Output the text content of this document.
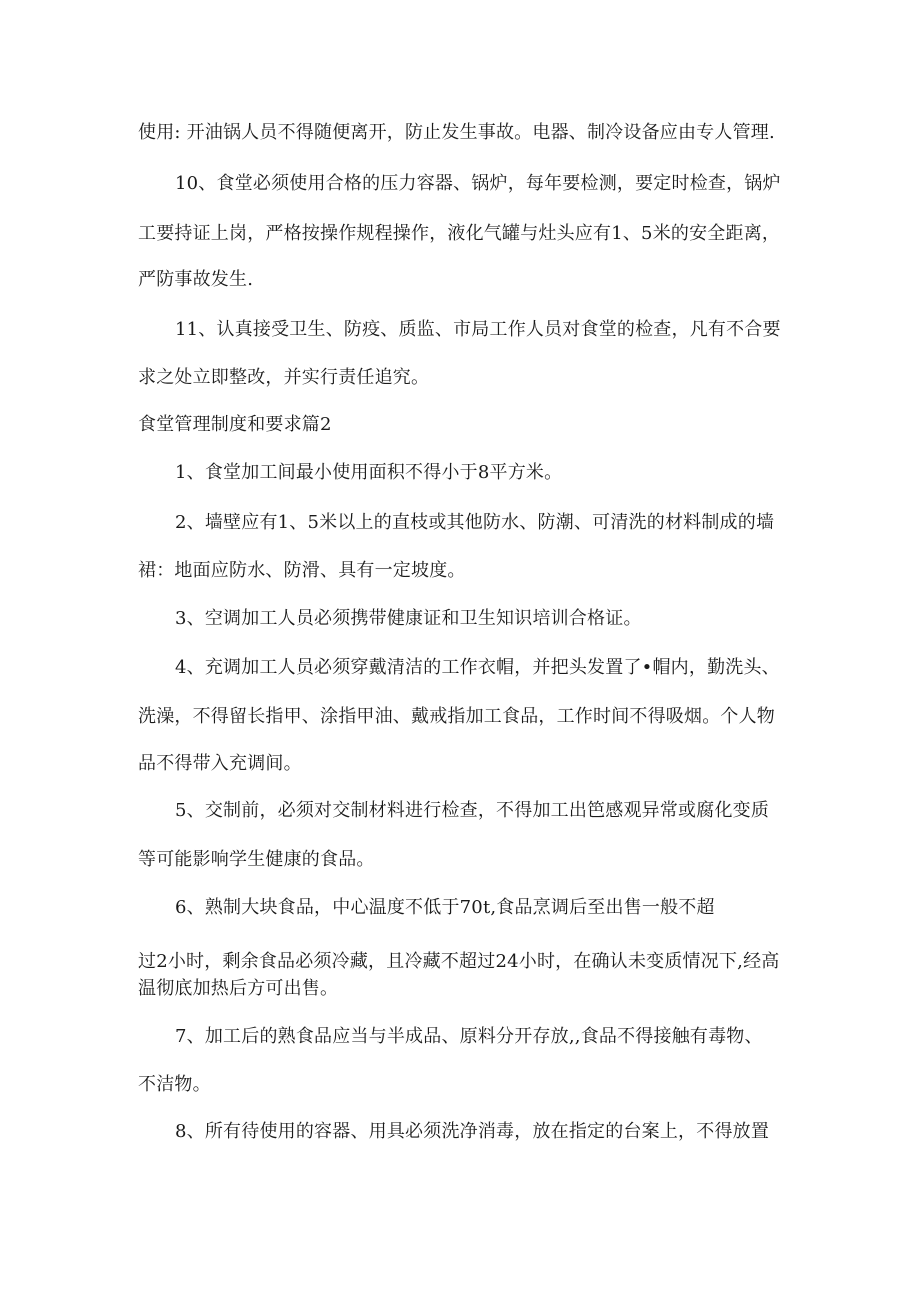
使用: 开油锅人员不得随便离开，防止发生事故。电器、制冷设备应由专人管理.
10、食堂必须使用合格的压力容器、锅炉，每年要检测，要定时检查，锅炉
工要持证上岗，严格按操作规程操作，液化气罐与灶头应有1、5米的安全距离，
严防事故发生.
11、认真接受卫生、防疫、质监、市局工作人员对食堂的检查，凡有不合要
求之处立即整改，并实行责任追究。
食堂管理制度和要求篇2
1、食堂加工间最小使用面积不得小于8平方米。
2、墙壁应有1、5米以上的直枝或其他防水、防潮、可清洗的材料制成的墙
裙：地面应防水、防滑、具有一定坡度。
3、空调加工人员必须携带健康证和卫生知识培训合格证。
4、充调加工人员必须穿戴清洁的工作衣帽，并把头发置了•帽内，勤洗头、
洗澡，不得留长指甲、涂指甲油、戴戒指加工食品，工作时间不得吸烟。个人物
品不得带入充调间。
5、交制前，必须对交制材料进行检查，不得加工出笆感观异常或腐化变质
等可能影响学生健康的食品。
6、熟制大块食品，中心温度不低于70t,食品烹调后至出售一般不超
过2小时，剩余食品必须冷藏，且冷藏不超过24小时，在确认未变质情况下,经高
温彻底加热后方可出售。
7、加工后的熟食品应当与半成品、原料分开存放,,食品不得接触有毒物、
不洁物。
8、所有待使用的容器、用具必须洗净消毒，放在指定的台案上，不得放置
